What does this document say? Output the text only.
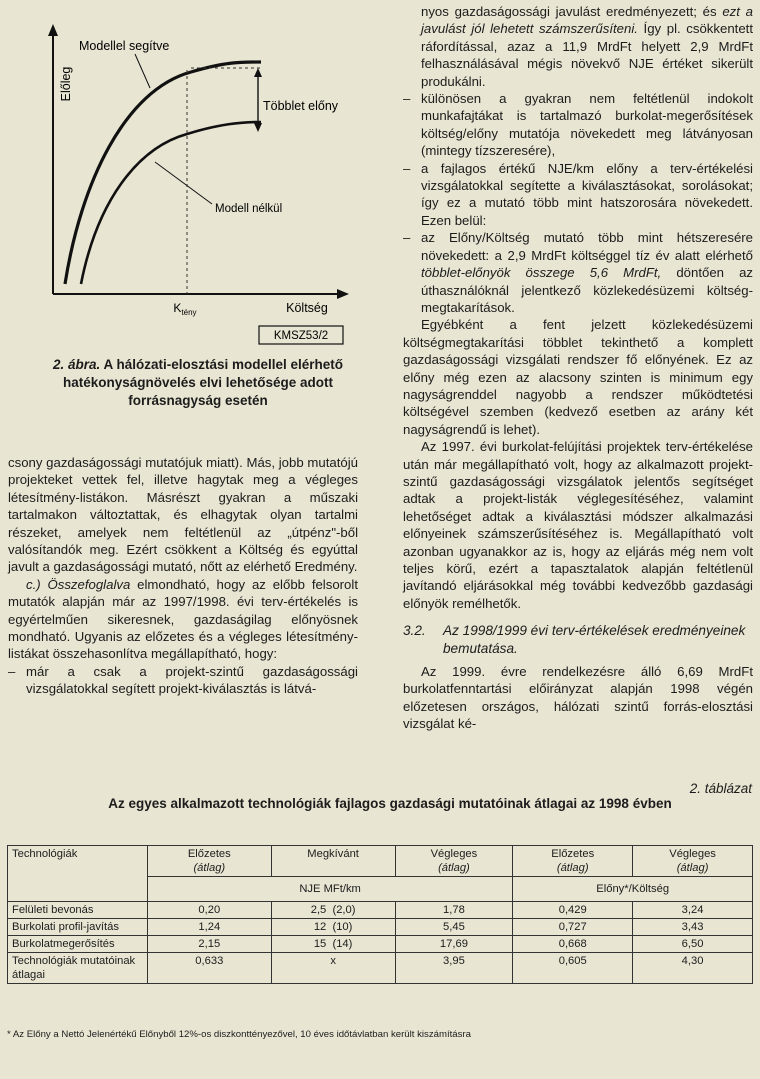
Előleg
Költség
Többlet előny
Modellel segítve
Modell nélkül
$K_{tény}$
KMSZ53/2
2. ábra. A hálózati-elosztási modellel elérhető hatékonyságnövelés elvi lehetősége adott forrásnagyság esetén

csony gazdaságossági mutatójuk miatt). Más, jobb mutatójú projekteket vettek fel, illetve hagytak meg a végleges létesítmény-listákon. Másrészt gyakran a műszaki tartalmakon változtattak, és elhagytak olyan tartalmi részeket, amelyek nem feltétlenül az „útpénz"-ből valósítandók meg. Ezért csökkent a Költség és egyúttal javult a gazdaságossági mutató, nőtt az elérhető Eredmény.

c.) Összefoglalva elmondható, hogy az előbb felsorolt mutatók alapján már az 1997/1998. évi terv-értékelés is egyértelműen sikeresnek, gazdaságilag előnyösnek mondható. Ugyanis az előzetes és a végleges létesítmény-listákat összehasonlítva megállapítható, hogy:

– már a csak a projekt-szintű gazdaságossági vizsgálatokkal segített projekt-kiválasztás is látvá-
nyos gazdaságossági javulást eredményezett; és ezt a javulást jól lehetett számszerűsíteni. Így pl. csökkentett ráfordítással, azaz a 11,9 MrdFt helyett 2,9 MrdFt felhasználásával mégis növekvő NJE értéket sikerült produkálni.
– különösen a gyakran nem feltétlenül indokolt munkafajtákat is tartalmazó burkolat-megerősítések költség/előny mutatója növekedett meg látványosan (mintegy tízszeresére),
– a fajlagos értékű NJE/km előny a terv-értékelési vizsgálatokkal segítette a kiválasztásokat, sorolásokat; így ez a mutató több mint hatszorosára növekedett. Ezen belül:
– az Előny/Költség mutató több mint hétszeresére növekedett: a 2,9 MrdFt költséggel tíz év alatt elérhető többlet-előnyök összege 5,6 MrdFt, döntően az úthasználóknál jelentkező közlekedésüzemi költség-megtakarítások.

Egyébként a fent jelzett közlekedésüzemi költségmegtakarítási többlet tekinthető a komplett gazdaságossági vizsgálati rendszer fő előnyének. Ez az előny még ezen az alacsony szinten is minimum egy nagyságrenddel nagyobb a rendszer működtetési költségével szemben (kedvező esetben az arány két nagyságrendű is lehet).

Az 1997. évi burkolat-felújítási projektek terv-értékelése után már megállapítható volt, hogy az alkalmazott projekt-szintű gazdaságossági vizsgálatok jelentős segítséget adtak a projekt-listák véglegesítéséhez, valamint lehetőséget adtak a kiválasztási módszer alkalmazási előnyeinek számszerűsítéséhez is. Megállapítható volt azonban ugyanakkor az is, hogy az eljárás még nem volt teljes körű, ezért a tapasztalatok alapján feltétlenül javítandó eljárásokkal még további kedvezőbb gazdasági előnyök remélhetők.

3.2.	Az 1998/1999 évi terv-értékelések eredményeinek bemutatása.

Az 1999. évre rendelkezésre álló 6,69 MrdFt burkolatfenntartási előirányzat alapján 1998 végén előzetesen országos, hálózati szintű forrás-elosztási vizsgálat ké-

2. táblázat
Az egyes alkalmazott technológiák fajlagos gazdasági mutatóinak átlagai az 1998 évben
Technológiák	Előzetes
(átlag)	Megkívánt	Végleges
(átlag)	Előzetes
(átlag)	Végleges
(átlag)
	NJE MFt/km			Előny*/Költség	
Felületi bevonás	0,20	2,5  (2,0)	1,78	0,429	3,24
Burkolati profil-javítás	1,24	12  (10)	5,45	0,727	3,43
Burkolatmegerősítés	2,15	15  (14)	17,69	0,668	6,50
Technológiák mutatóinak átlagai	0,633	x	3,95	0,605	4,30
* Az Előny a Nettó Jelenértékű Előnyből 12%-os diszkonttényezővel, 10 éves időtávlatban került kiszámításra
